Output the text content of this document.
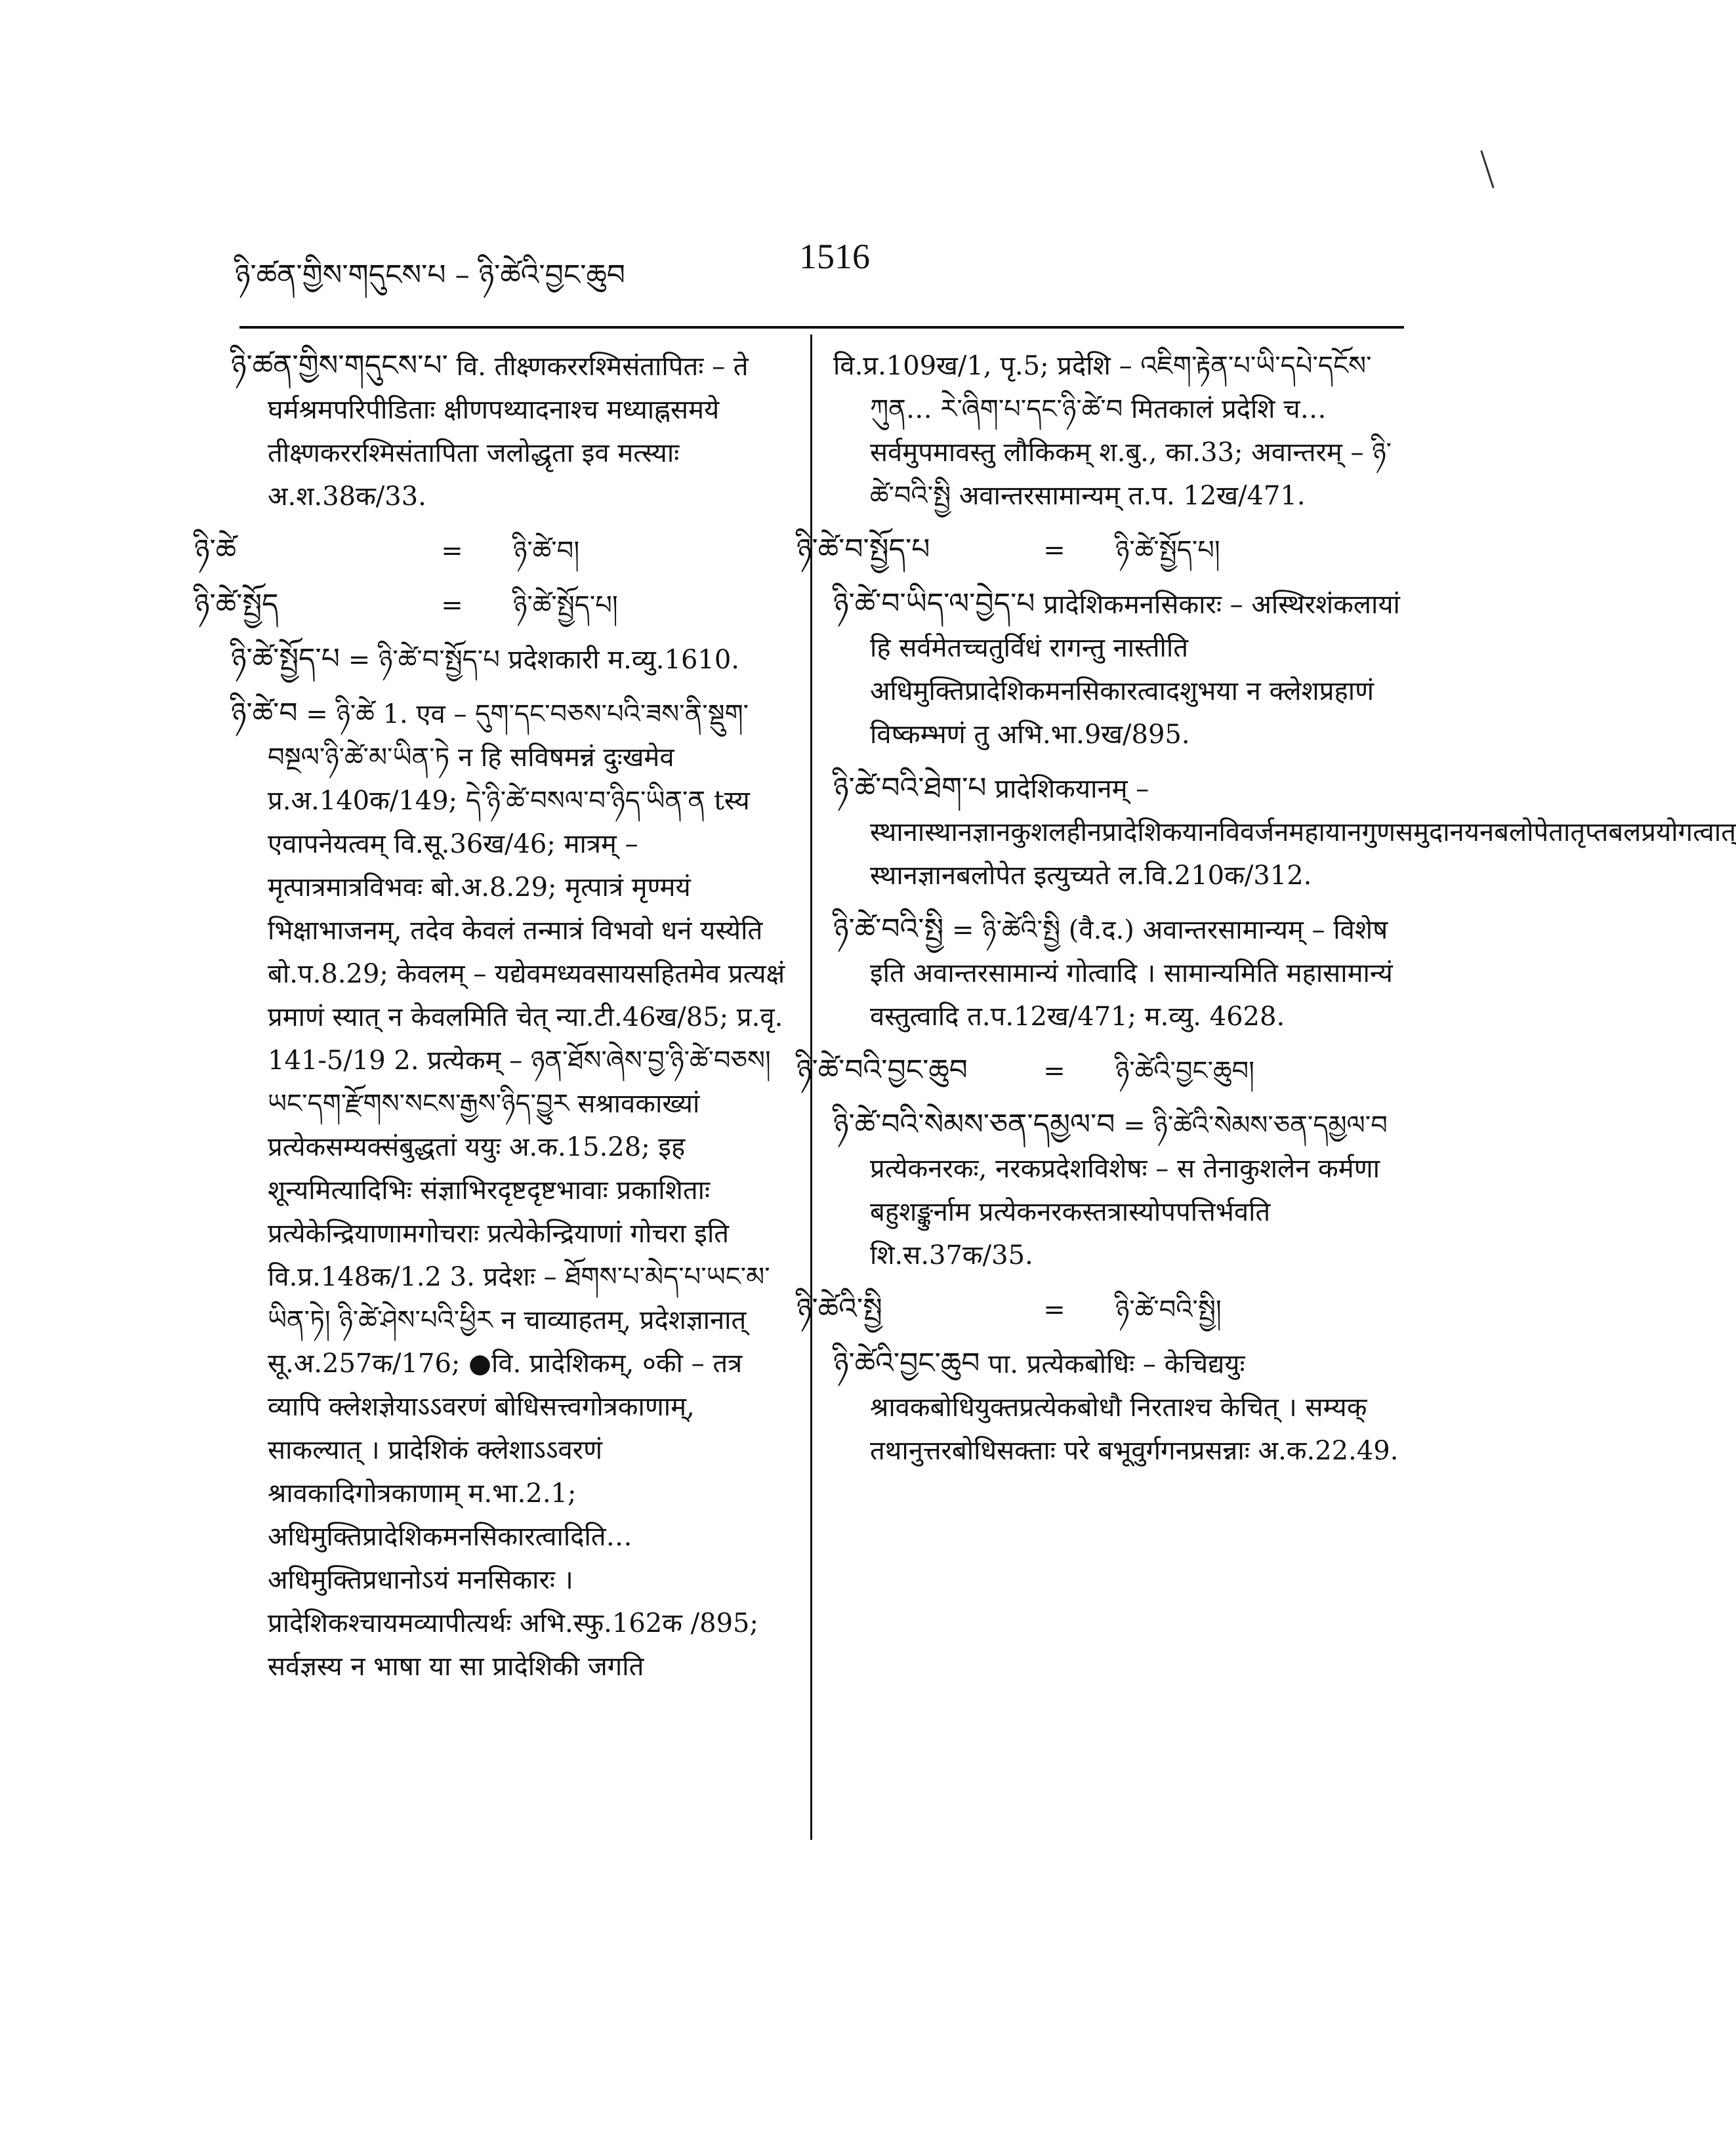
ཉི་ཚན་གྱིས་གདུངས་པ – ཉི་ཚེའི་བྱང་ཆུབ	1516

ཉི་ཚན་གྱིས་གདུངས་པ་ वि. तीक्ष्णकररश्मिसंतापितः – ते घर्मश्रमपरिपीडिताः क्षीणपथ्यादनाश्च मध्याह्नसमये तीक्ष्णकररश्मिसंतापिता जलोद्धृता इव मत्स्याः अ.श.38क/33.

ཉི་ཚེ	= ཉི་ཚེ་བ།

ཉི་ཚེ་སྤྱོད	= ཉི་ཚེ་སྤྱོད་པ།

ཉི་ཚེ་སྤྱོད་པ = ཉི་ཚེ་བ་སྤྱོད་པ प्रदेशकारी म.व्यु.1610.

ཉི་ཚེ་བ = ཉི་ཚེ 1. एव – དུག་དང་བཅས་པའི་ཟས་ནི་སྡུག་བསྔལ་ཉི་ཚེ་མ་ཡིན་ཏེ न हि सविषमन्नं दुःखमेव प्र.अ.140क/149; དེ་ཉི་ཚེ་བསལ་བ་ཉིད་ཡིན་ན tस्य एवापनेयत्वम् वि.सू.36ख/46; मात्रम् – मृत्पात्रमात्रविभवः बो.अ.8.29; मृत्पात्रं मृण्मयं भिक्षाभाजनम्, तदेव केवलं तन्मात्रं विभवो धनं यस्येति बो.प.8.29; केवलम् – यद्येवमध्यवसायसहितमेव प्रत्यक्षं प्रमाणं स्यात् न केवलमिति चेत् न्या.टी.46ख/85; प्र.वृ. 141-5/19 2. प्रत्येकम् – ཉན་ཐོས་ཞེས་བྱ་ཉི་ཚེ་བཅས། ཡང་དག་རྫོགས་སངས་རྒྱས་ཉིད་བྱུར सश्रावकाख्यां प्रत्येकसम्यक्संबुद्धतां ययुः अ.क.15.28; इह शून्यमित्यादिभिः संज्ञाभिरदृष्टदृष्टभावाः प्रकाशिताः प्रत्येकेन्द्रियाणामगोचराः प्रत्येकेन्द्रियाणां गोचरा इति वि.प्र.148क/1.2 3. प्रदेशः – ཐོགས་པ་མེད་པ་ཡང་མ་ཡིན་ཏེ། ཉི་ཚེ་ཤེས་པའི་ཕྱིར न चाव्याहतम्, प्रदेशज्ञानात् सू.अ.257क/176; ●वि. प्रादेशिकम्, ०की – तत्र व्यापि क्लेशज्ञेयाऽऽवरणं बोधिसत्त्वगोत्रकाणाम्, साकल्यात् । प्रादेशिकं क्लेशाऽऽवरणं श्रावकादिगोत्रकाणाम् म.भा.2.1; अधिमुक्तिप्रादेशिकमनसिकारत्वादिति…अधिमुक्तिप्रधानोऽयं मनसिकारः । प्रादेशिकश्चायमव्यापीत्यर्थः अभि.स्फु.162क /895; सर्वज्ञस्य न भाषा या सा प्रादेशिकी जगति

वि.प्र.109ख/1, पृ.5; प्रदेशि – འཇིག་རྟེན་པ་ཡི་དཔེ་དངོས་ཀུན… རེ་ཞིག་པ་དང་ཉི་ཚེ་བ मितकालं प्रदेशि च…सर्वमुपमावस्तु लौकिकम् श.बु., का.33; अवान्तरम् – ཉི་ཚེ་བའི་སྤྱི अवान्तरसामान्यम् त.प. 12ख/471.

ཉི་ཚེ་བ་སྤྱོད་པ	= ཉི་ཚེ་སྤྱོད་པ།

ཉི་ཚེ་བ་ཡིད་ལ་བྱེད་པ प्रादेशिकमनसिकारः – अस्थिरशंकलायां हि सर्वमेतच्चतुर्विधं रागन्तु नास्तीति अधिमुक्तिप्रादेशिकमनसिकारत्वादशुभया न क्लेशप्रहाणं विष्कम्भणं तु अभि.भा.9ख/895.

ཉི་ཚེ་བའི་ཐེག་པ प्रादेशिकयानम् – स्थानास्थानज्ञानकुशलहीनप्रादेशिकयानविवर्जनमहायानगुणसमुदानयनबलोपेतातृप्तबलप्रयोगत्वात् स्थानज्ञानबलोपेत इत्युच्यते ल.वि.210क/312.

ཉི་ཚེ་བའི་སྤྱི = ཉི་ཚེའི་སྤྱི (वै.द.) अवान्तरसामान्यम् – विशेष इति अवान्तरसामान्यं गोत्वादि । सामान्यमिति महासामान्यं वस्तुत्वादि त.प.12ख/471; म.व्यु. 4628.

ཉི་ཚེ་བའི་བྱང་ཆུབ	= ཉི་ཚེའི་བྱང་ཆུབ།

ཉི་ཚེ་བའི་སེམས་ཅན་དམྱལ་བ = ཉི་ཚེའི་སེམས་ཅན་དམྱལ་བ प्रत्येकनरकः, नरकप्रदेशविशेषः – स तेनाकुशलेन कर्मणा बहुशङ्कुर्नाम प्रत्येकनरकस्तत्रास्योपपत्तिर्भवति शि.स.37क/35.

ཉི་ཚེའི་སྤྱི	= ཉི་ཚེ་བའི་སྤྱི།

ཉི་ཚེའི་བྱང་ཆུབ पा. प्रत्येकबोधिः – केचिद्ययुः श्रावकबोधियुक्तप्रत्येकबोधौ निरताश्च केचित् । सम्यक् तथानुत्तरबोधिसक्ताः परे बभूवुर्गगनप्रसन्नाः अ.क.22.49.
